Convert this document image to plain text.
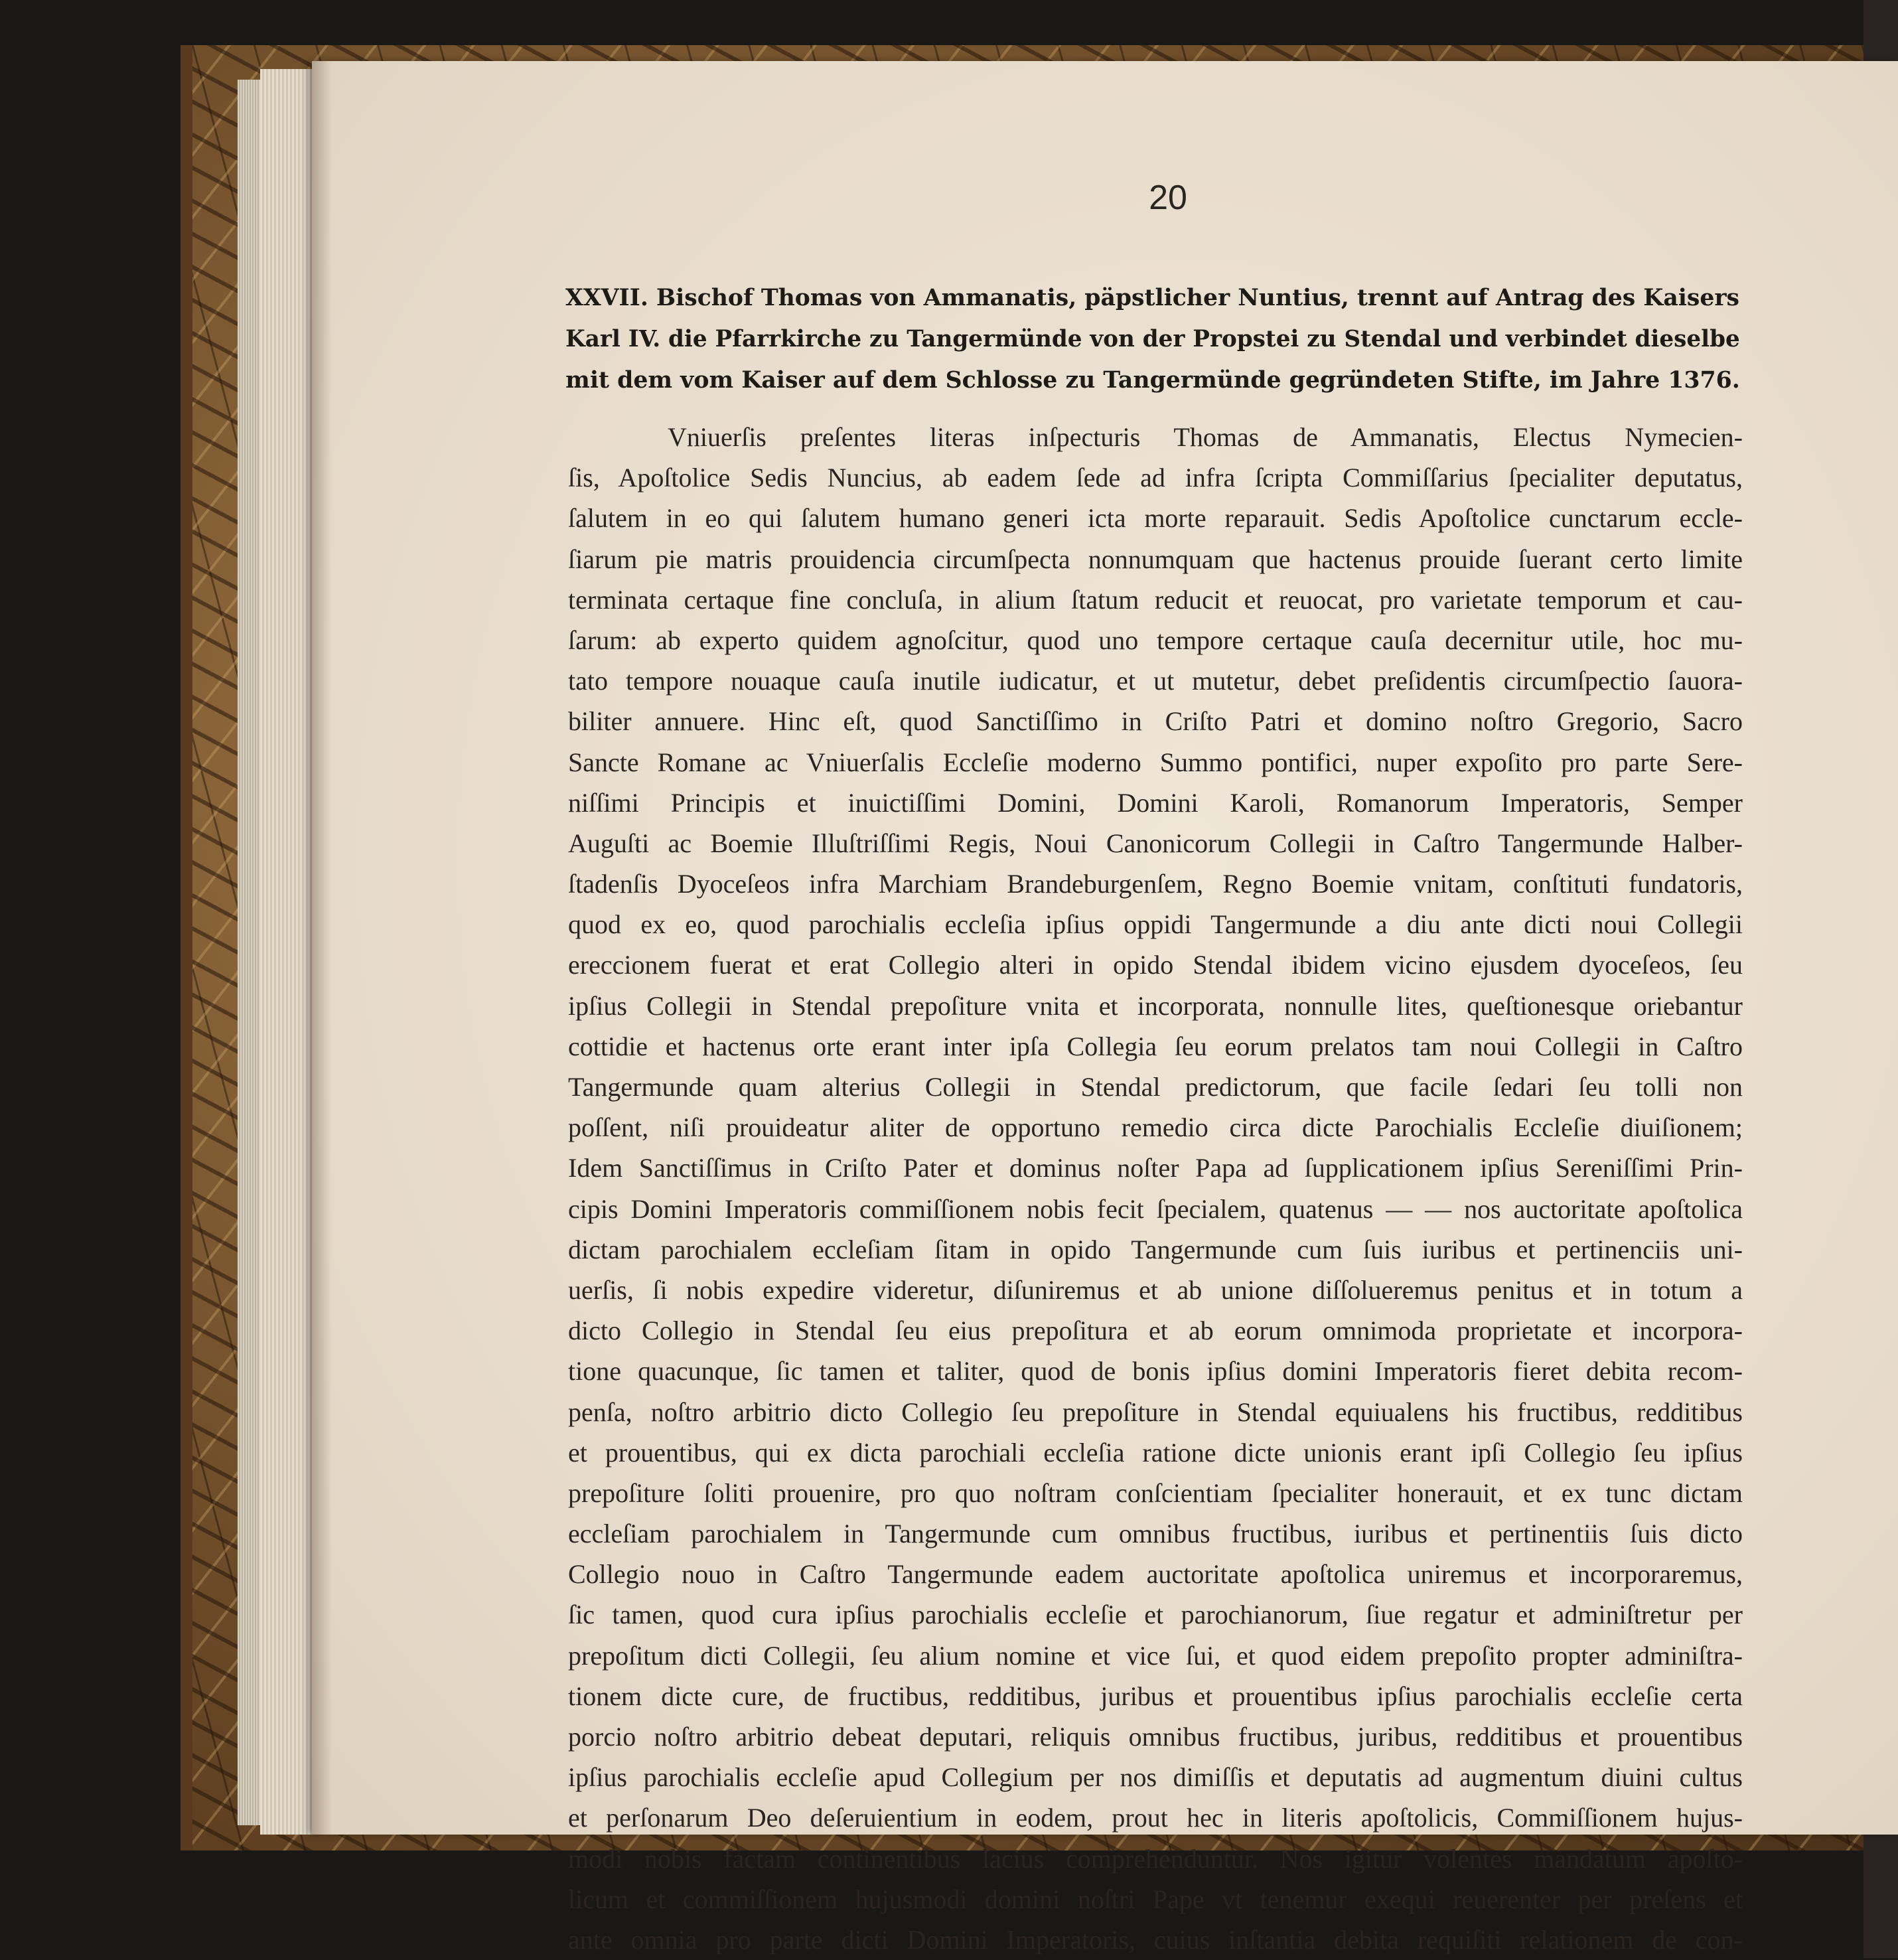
20
XXVII. Bischof Thomas von Ammanatis, päpstlicher Nuntius, trennt auf Antrag des Kaisers
Karl IV. die Pfarrkirche zu Tangermünde von der Propstei zu Stendal und verbindet dieselbe
mit dem vom Kaiser auf dem Schlosse zu Tangermünde gegründeten Stifte, im Jahre 1376.
Vniuerſis preſentes literas inſpecturis Thomas de Ammanatis, Electus Nymecien-
ſis, Apoſtolice Sedis Nuncius, ab eadem ſede ad infra ſcripta Commiſſarius ſpecialiter deputatus,
ſalutem in eo qui ſalutem humano generi icta morte reparauit. Sedis Apoſtolice cunctarum eccle-
ſiarum pie matris prouidencia circumſpecta nonnumquam que hactenus prouide ſuerant certo limite
terminata certaque fine concluſa, in alium ſtatum reducit et reuocat, pro varietate temporum et cau-
ſarum: ab experto quidem agnoſcitur, quod uno tempore certaque cauſa decernitur utile, hoc mu-
tato tempore nouaque cauſa inutile iudicatur, et ut mutetur, debet preſidentis circumſpectio ſauora-
biliter annuere. Hinc eſt, quod Sanctiſſimo in Criſto Patri et domino noſtro Gregorio, Sacro
Sancte Romane ac Vniuerſalis Eccleſie moderno Summo pontifici, nuper expoſito pro parte Sere-
niſſimi Principis et inuictiſſimi Domini, Domini Karoli, Romanorum Imperatoris, Semper
Auguſti ac Boemie Illuſtriſſimi Regis, Noui Canonicorum Collegii in Caſtro Tangermunde Halber-
ſtadenſis Dyoceſeos infra Marchiam Brandeburgenſem, Regno Boemie vnitam, conſtituti fundatoris,
quod ex eo, quod parochialis eccleſia ipſius oppidi Tangermunde a diu ante dicti noui Collegii
ereccionem fuerat et erat Collegio alteri in opido Stendal ibidem vicino ejusdem dyoceſeos, ſeu
ipſius Collegii in Stendal prepoſiture vnita et incorporata, nonnulle lites, queſtionesque oriebantur
cottidie et hactenus orte erant inter ipſa Collegia ſeu eorum prelatos tam noui Collegii in Caſtro
Tangermunde quam alterius Collegii in Stendal predictorum, que facile ſedari ſeu tolli non
poſſent, niſi prouideatur aliter de opportuno remedio circa dicte Parochialis Eccleſie diuiſionem;
Idem Sanctiſſimus in Criſto Pater et dominus noſter Papa ad ſupplicationem ipſius Sereniſſimi Prin-
cipis Domini Imperatoris commiſſionem nobis fecit ſpecialem, quatenus — — nos auctoritate apoſtolica
dictam parochialem eccleſiam ſitam in opido Tangermunde cum ſuis iuribus et pertinenciis uni-
uerſis, ſi nobis expedire videretur, diſuniremus et ab unione diſſolueremus penitus et in totum a
dicto Collegio in Stendal ſeu eius prepoſitura et ab eorum omnimoda proprietate et incorpora-
tione quacunque, ſic tamen et taliter, quod de bonis ipſius domini Imperatoris fieret debita recom-
penſa, noſtro arbitrio dicto Collegio ſeu prepoſiture in Stendal equiualens his fructibus, redditibus
et prouentibus, qui ex dicta parochiali eccleſia ratione dicte unionis erant ipſi Collegio ſeu ipſius
prepoſiture ſoliti prouenire, pro quo noſtram conſcientiam ſpecialiter honerauit, et ex tunc dictam
eccleſiam parochialem in Tangermunde cum omnibus fructibus, iuribus et pertinentiis ſuis dicto
Collegio nouo in Caſtro Tangermunde eadem auctoritate apoſtolica uniremus et incorporaremus,
ſic tamen, quod cura ipſius parochialis eccleſie et parochianorum, ſiue regatur et adminiſtretur per
prepoſitum dicti Collegii, ſeu alium nomine et vice ſui, et quod eidem prepoſito propter adminiſtra-
tionem dicte cure, de fructibus, redditibus, juribus et prouentibus ipſius parochialis eccleſie certa
porcio noſtro arbitrio debeat deputari, reliquis omnibus fructibus, juribus, redditibus et prouentibus
ipſius parochialis eccleſie apud Collegium per nos dimiſſis et deputatis ad augmentum diuini cultus
et perſonarum Deo deſeruientium in eodem, prout hec in literis apoſtolicis, Commiſſionem hujus-
modi nobis factam continentibus lacius comprehenduntur. Nos igitur volentes mandatum apoſto-
licum et commiſſionem hujusmodi domini noſtri Pape vt tenemur exequi reuerenter per preſens et
ante omnia pro parte dicti Domini Imperatoris, cuius inſtantia debita requiſiti relationem de con-
